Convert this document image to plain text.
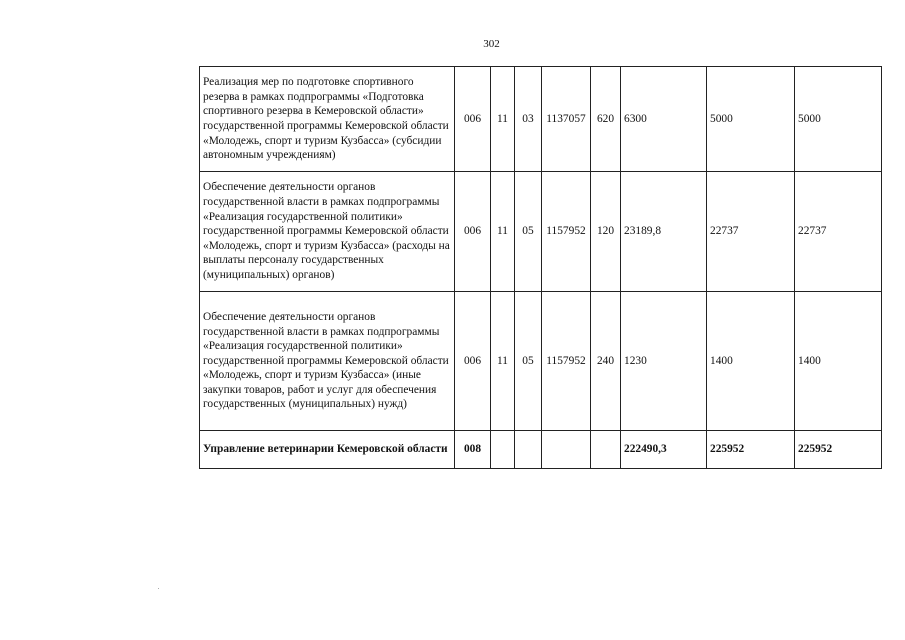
302
Реализация мер по подготовке спортивного резерва в рамках подпрограммы «Подготовка спортивного резерва в Кемеровской области» государственной программы Кемеровской области «Молодежь, спорт и туризм Кузбасса» (субсидии автономным учреждениям)	006	11	03	1137057	620	6300	5000	5000
Обеспечение деятельности органов государственной власти в рамках подпрограммы «Реализация государственной политики» государственной программы Кемеровской области «Молодежь, спорт и туризм Кузбасса» (расходы на выплаты персоналу государственных (муниципальных) органов)	006	11	05	1157952	120	23189,8	22737	22737
Обеспечение деятельности органов государственной власти в рамках подпрограммы «Реализация государственной политики» государственной программы Кемеровской области «Молодежь, спорт и туризм Кузбасса» (иные закупки товаров, работ и услуг для обеспечения государственных (муниципальных) нужд)	006	11	05	1157952	240	1230	1400	1400
Управление ветеринарии Кемеровской области	008					222490,3	225952	225952
